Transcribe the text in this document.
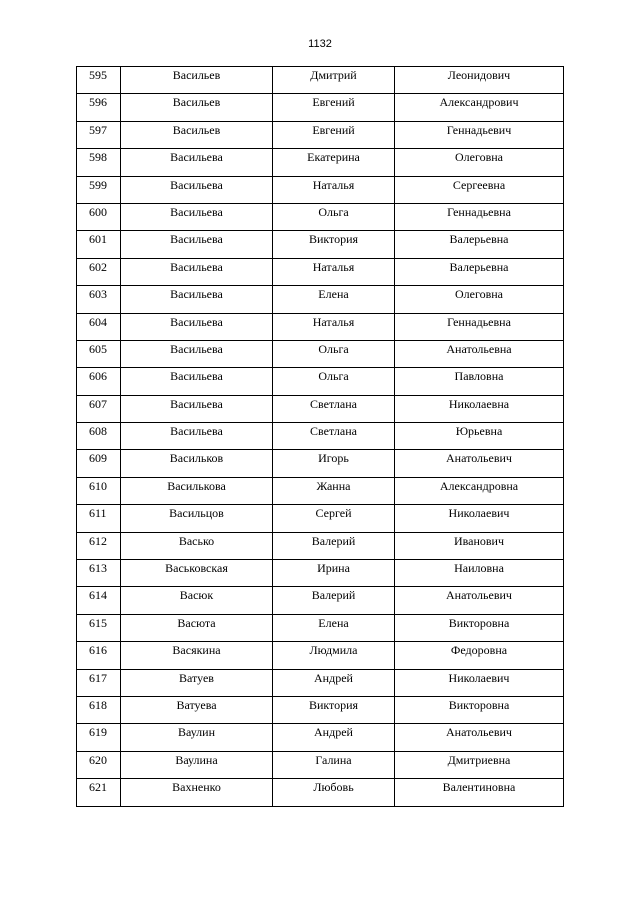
1132
595	Васильев	Дмитрий	Леонидович
596	Васильев	Евгений	Александрович
597	Васильев	Евгений	Геннадьевич
598	Васильева	Екатерина	Олеговна
599	Васильева	Наталья	Сергеевна
600	Васильева	Ольга	Геннадьевна
601	Васильева	Виктория	Валерьевна
602	Васильева	Наталья	Валерьевна
603	Васильева	Елена	Олеговна
604	Васильева	Наталья	Геннадьевна
605	Васильева	Ольга	Анатольевна
606	Васильева	Ольга	Павловна
607	Васильева	Светлана	Николаевна
608	Васильева	Светлана	Юрьевна
609	Васильков	Игорь	Анатольевич
610	Василькова	Жанна	Александровна
611	Васильцов	Сергей	Николаевич
612	Васько	Валерий	Иванович
613	Васьковская	Ирина	Наиловна
614	Васюк	Валерий	Анатольевич
615	Васюта	Елена	Викторовна
616	Васякина	Людмила	Федоровна
617	Ватуев	Андрей	Николаевич
618	Ватуева	Виктория	Викторовна
619	Ваулин	Андрей	Анатольевич
620	Ваулина	Галина	Дмитриевна
621	Вахненко	Любовь	Валентиновна
